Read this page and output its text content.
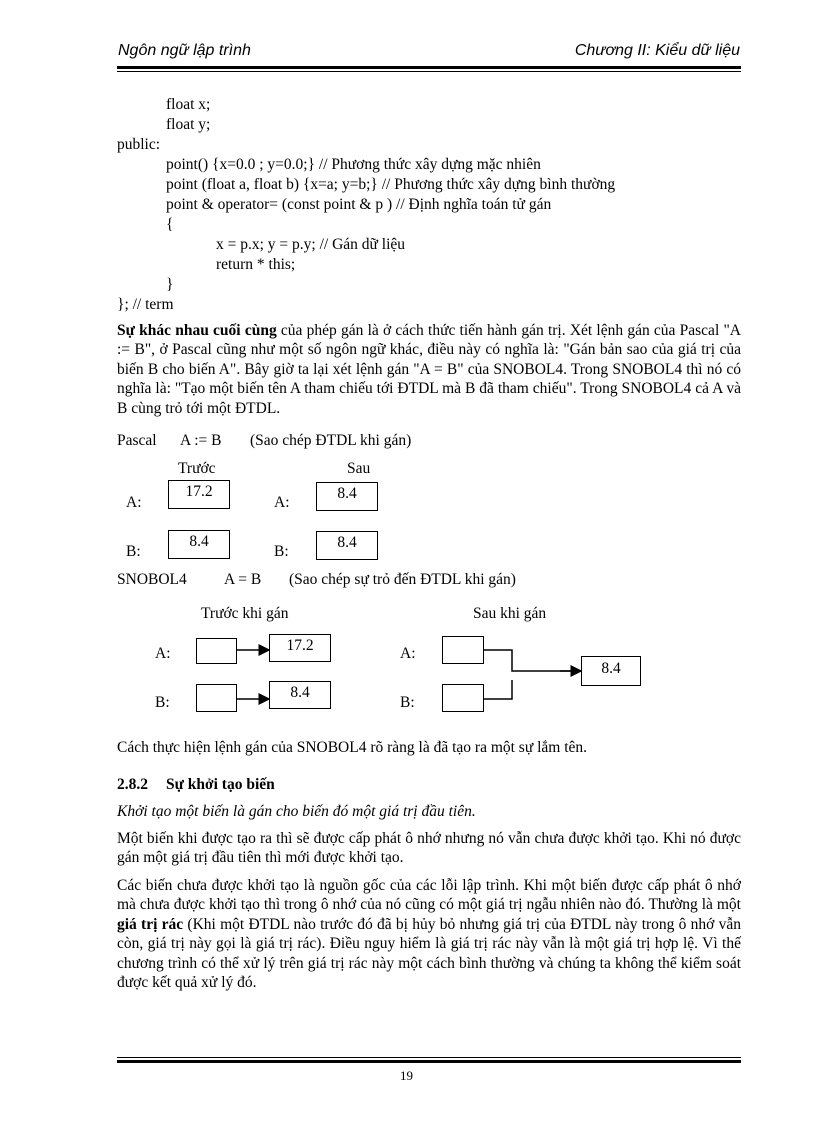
Ngôn ngữ lập trình	Chương II: Kiểu dữ liệu
float x;
float y;
public:
point() {x=0.0 ; y=0.0;} // Phương thức xây dựng mặc nhiên
point (float a, float b) {x=a; y=b;} // Phương thức xây dựng bình thường
point & operator= (const point & p ) // Định nghĩa toán tử gán
{
x = p.x; y = p.y; // Gán dữ liệu
return * this;
}
}; // term
Sự khác nhau cuối cùng của phép gán là ở cách thức tiến hành gán trị. Xét lệnh gán của Pascal "A := B", ở Pascal cũng như một số ngôn ngữ khác, điều này có nghĩa là: "Gán bản sao của giá trị của biến B cho biến A". Bây giờ ta lại xét lệnh gán "A = B" của SNOBOL4. Trong SNOBOL4 thì nó có nghĩa là: "Tạo một biến tên A tham chiếu tới ĐTDL mà B đã tham chiếu". Trong SNOBOL4 cả A và B cùng trỏ tới một ĐTDL.
Pascal A := B (Sao chép ĐTDL khi gán)
Trước	Sau
A:
17.2
A:
8.4
B:
8.4
B:
8.4
SNOBOL4 A = B (Sao chép sự trỏ đến ĐTDL khi gán)
Trước khi gán	Sau khi gán
A:	17.2
B:
8.4
A:
B:
8.4
Cách thực hiện lệnh gán của SNOBOL4 rõ ràng là đã tạo ra một sự lắm tên.
2.8.2 Sự khởi tạo biến
Khởi tạo một biến là gán cho biến đó một giá trị đầu tiên.
Một biến khi được tạo ra thì sẽ được cấp phát ô nhớ nhưng nó vẫn chưa được khởi tạo. Khi nó được gán một giá trị đầu tiên thì mới được khởi tạo.
Các biến chưa được khởi tạo là nguồn gốc của các lỗi lập trình. Khi một biến được cấp phát ô nhớ mà chưa được khởi tạo thì trong ô nhớ của nó cũng có một giá trị ngẫu nhiên nào đó. Thường là một giá trị rác (Khi một ĐTDL nào trước đó đã bị hủy bỏ nhưng giá trị của ĐTDL này trong ô nhớ vẫn còn, giá trị này gọi là giá trị rác). Điều nguy hiểm là giá trị rác này vẫn là một giá trị hợp lệ. Vì thế chương trình có thể xử lý trên giá trị rác này một cách bình thường và chúng ta không thể kiểm soát được kết quả xử lý đó.
19
